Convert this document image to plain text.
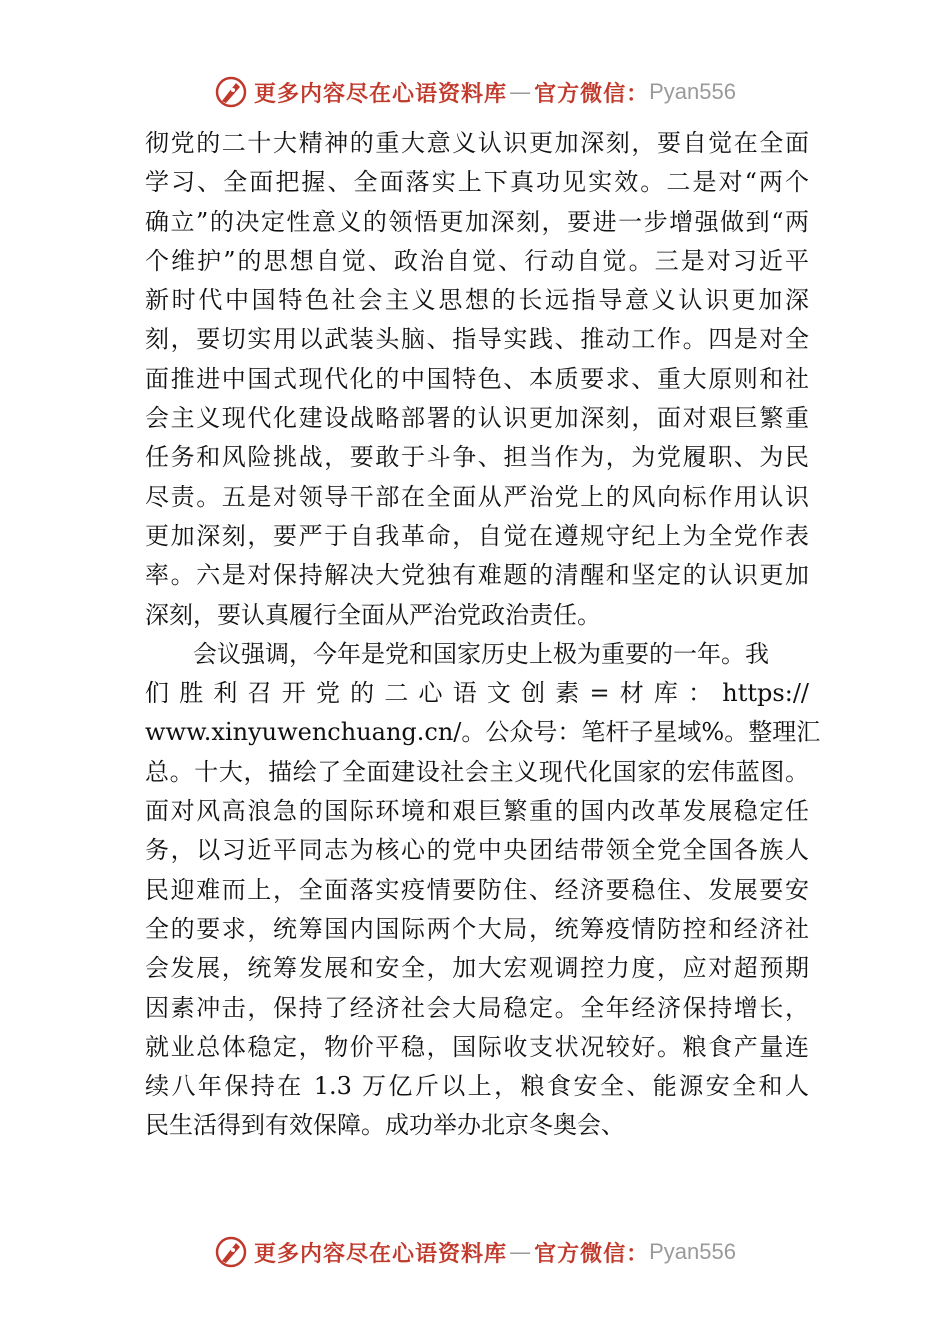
更多内容尽在心语资料库 — 官方微信： Pyan556
彻党的二十大精神的重大意义认识更加深刻，要自觉在全面
学习、全面把握、全面落实上下真功见实效。二是对“两个
确立”的决定性意义的领悟更加深刻，要进一步增强做到“两
个维护”的思想自觉、政治自觉、行动自觉。三是对习近平
新时代中国特色社会主义思想的长远指导意义认识更加深
刻，要切实用以武装头脑、指导实践、推动工作。四是对全
面推进中国式现代化的中国特色、本质要求、重大原则和社
会主义现代化建设战略部署的认识更加深刻，面对艰巨繁重
任务和风险挑战，要敢于斗争、担当作为，为党履职、为民
尽责。五是对领导干部在全面从严治党上的风向标作用认识
更加深刻，要严于自我革命，自觉在遵规守纪上为全党作表
率。六是对保持解决大党独有难题的清醒和坚定的认识更加
深刻，要认真履行全面从严治党政治责任。
会议强调，今年是党和国家历史上极为重要的一年。我
们胜利召开党的二心语文创素=材库：https://
www.xinyuwenchuang.cn/。公众号：笔杆子星域%。整理汇
总。十大，描绘了全面建设社会主义现代化国家的宏伟蓝图。
面对风高浪急的国际环境和艰巨繁重的国内改革发展稳定任
务，以习近平同志为核心的党中央团结带领全党全国各族人
民迎难而上，全面落实疫情要防住、经济要稳住、发展要安
全的要求，统筹国内国际两个大局，统筹疫情防控和经济社
会发展，统筹发展和安全，加大宏观调控力度，应对超预期
因素冲击，保持了经济社会大局稳定。全年经济保持增长，
就业总体稳定，物价平稳，国际收支状况较好。粮食产量连
续八年保持在 1.3 万亿斤以上，粮食安全、能源安全和人
民生活得到有效保障。成功举办北京冬奥会、
更多内容尽在心语资料库 — 官方微信： Pyan556
